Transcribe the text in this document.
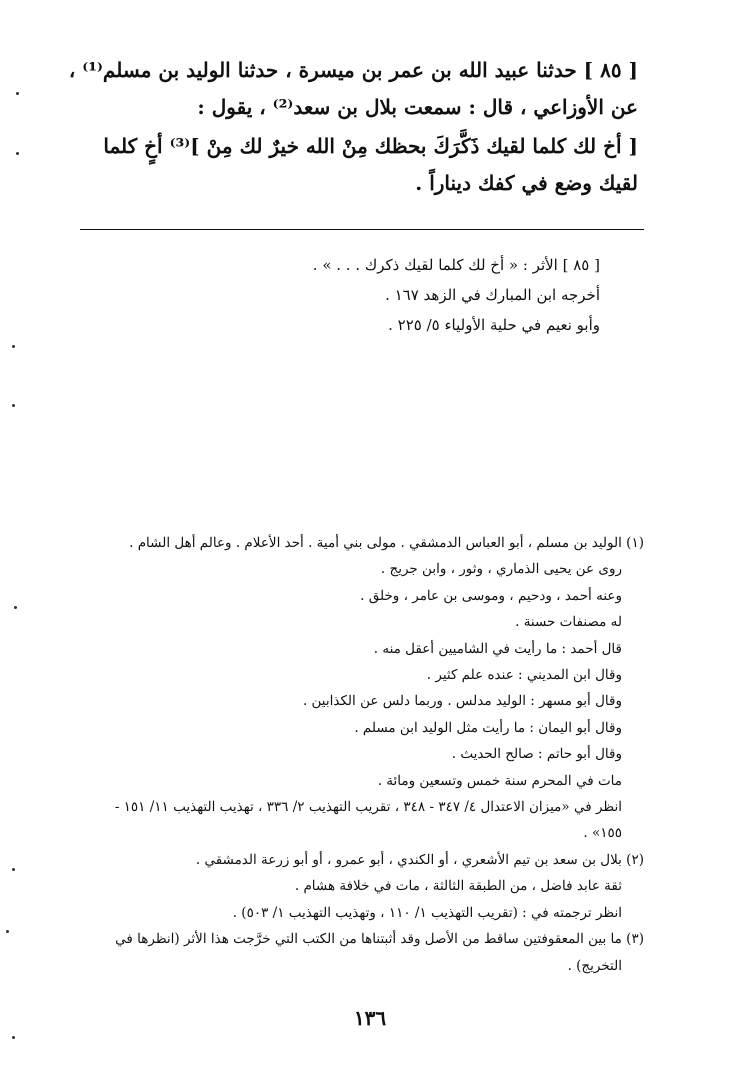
[ ٨٥ ] حدثنا عبيد الله بن عمر بن ميسرة ، حدثنا الوليد بن مسلم⁽¹⁾ ،

عن الأوزاعي ، قال : سمعت بلال بن سعد⁽²⁾ ، يقول :

[ أخ لك كلما لقيك ذَكَّرَكَ بحظك مِنْ الله خيرٌ لك مِنْ ]⁽³⁾ أخٍ كلما

لقيك وضع في كفك ديناراً .

[ ٨٥ ] الأثر : « أخ لك كلما لقيك ذكرك . . . » .
أخرجه ابن المبارك في الزهد ١٦٧ .
وأبو نعيم في حلية الأولياء ٥/ ٢٢٥ .
(١) الوليد بن مسلم ، أبو العباس الدمشقي . مولى بني أمية . أحد الأعلام . وعالم أهل الشام .
روى عن يحيى الذماري ، وثور ، وابن جريج .
وعنه أحمد ، ودحيم ، وموسى بن عامر ، وخلق .
له مصنفات حسنة .
قال أحمد : ما رأيت في الشاميين أعقل منه .
وقال ابن المديني : عنده علم كثير .
وقال أبو مسهر : الوليد مدلس . وربما دلس عن الكذابين .
وقال أبو اليمان : ما رأيت مثل الوليد ابن مسلم .
وقال أبو حاتم : صالح الحديث .
مات في المحرم سنة خمس وتسعين ومائة .
انظر في «ميزان الاعتدال ٤/ ٣٤٧ - ٣٤٨ ، تقريب التهذيب ٢/ ٣٣٦ ، تهذيب التهذيب ١١/ ١٥١ -
١٥٥» .
(٢) بلال بن سعد بن تيم الأشعري ، أو الكندي ، أبو عمرو ، أو أبو زرعة الدمشقي .
ثقة عابد فاضل ، من الطبقة الثالثة ، مات في خلافة هشام .
انظر ترجمته في : (تقريب التهذيب ١/ ١١٠ ، وتهذيب التهذيب ١/ ٥٠٣) .
(٣) ما بين المعقوفتين ساقط من الأصل وقد أثبتناها من الكتب التي خرَّجت هذا الأثر (انظرها في
التخريج) .
١٣٦
